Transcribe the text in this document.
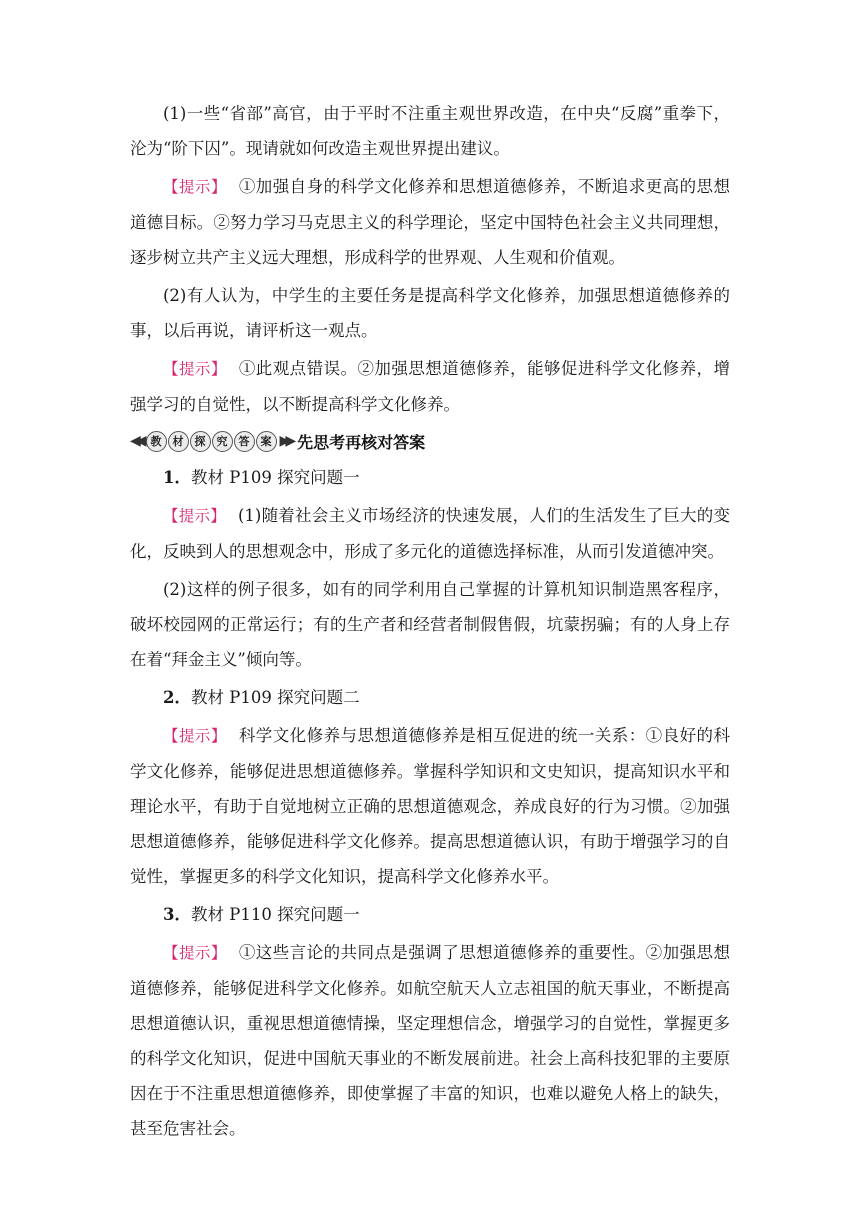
(1)一些“省部”高官，由于平时不注重主观世界改造，在中央“反腐”重拳下，沦为“阶下囚”。现请就如何改造主观世界提出建议。

【提示】 ①加强自身的科学文化修养和思想道德修养，不断追求更高的思想道德目标。②努力学习马克思主义的科学理论，坚定中国特色社会主义共同理想，逐步树立共产主义远大理想，形成科学的世界观、人生观和价值观。

(2)有人认为，中学生的主要任务是提高科学文化修养，加强思想道德修养的事，以后再说，请评析这一观点。

【提示】 ①此观点错误。②加强思想道德修养，能够促进科学文化修养，增强学习的自觉性，以不断提高科学文化修养。

◀◀ 教	材	探	究	答	案 ▶▶ 先思考再核对答案

1．教材 P109 探究问题一

【提示】 (1)随着社会主义市场经济的快速发展，人们的生活发生了巨大的变化，反映到人的思想观念中，形成了多元化的道德选择标准，从而引发道德冲突。

(2)这样的例子很多，如有的同学利用自己掌握的计算机知识制造黑客程序，破坏校园网的正常运行；有的生产者和经营者制假售假，坑蒙拐骗；有的人身上存在着“拜金主义”倾向等。

2．教材 P109 探究问题二

【提示】 科学文化修养与思想道德修养是相互促进的统一关系：①良好的科学文化修养，能够促进思想道德修养。掌握科学知识和文史知识，提高知识水平和理论水平，有助于自觉地树立正确的思想道德观念，养成良好的行为习惯。②加强思想道德修养，能够促进科学文化修养。提高思想道德认识，有助于增强学习的自觉性，掌握更多的科学文化知识，提高科学文化修养水平。

3．教材 P110 探究问题一

【提示】 ①这些言论的共同点是强调了思想道德修养的重要性。②加强思想道德修养，能够促进科学文化修养。如航空航天人立志祖国的航天事业，不断提高思想道德认识，重视思想道德情操，坚定理想信念，增强学习的自觉性，掌握更多的科学文化知识，促进中国航天事业的不断发展前进。社会上高科技犯罪的主要原因在于不注重思想道德修养，即使掌握了丰富的知识，也难以避免人格上的缺失，甚至危害社会。
